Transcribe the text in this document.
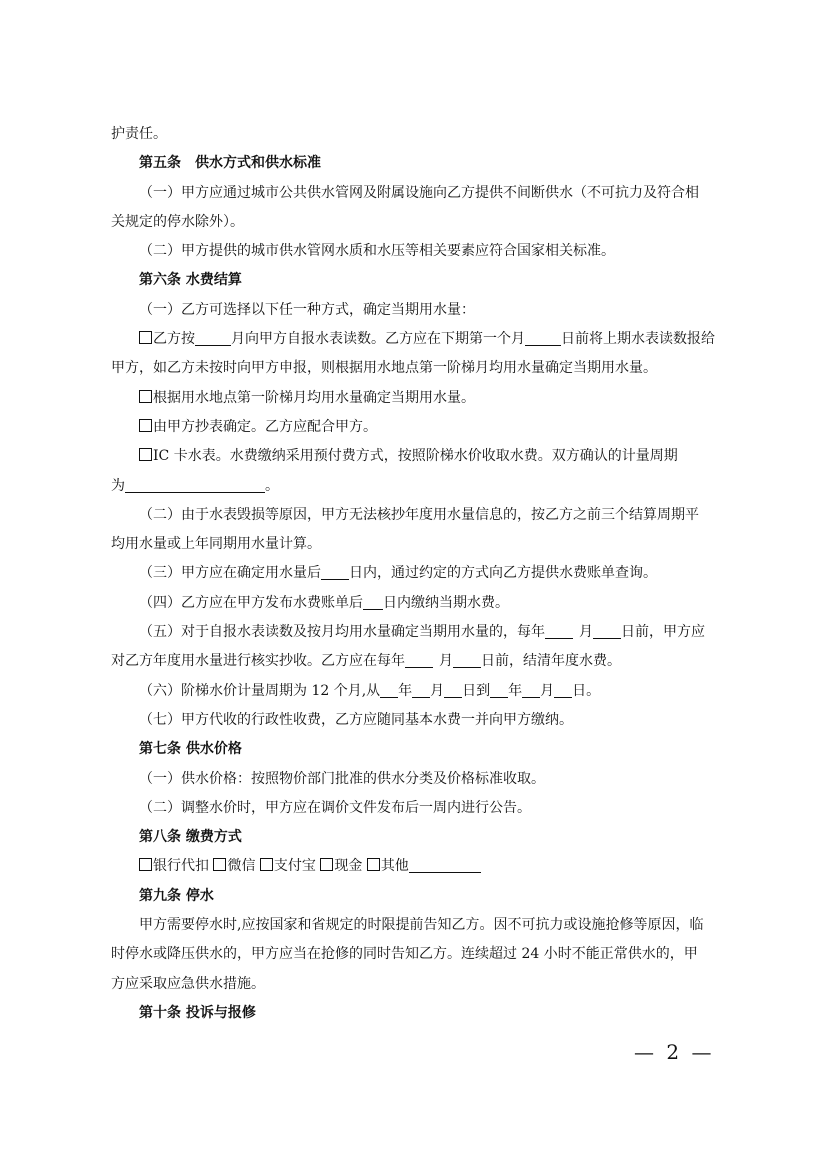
护责任。

第五条　供水方式和供水标准

（一）甲方应通过城市公共供水管网及附属设施向乙方提供不间断供水（不可抗力及符合相

关规定的停水除外）。

（二）甲方提供的城市供水管网水质和水压等相关要素应符合国家相关标准。

第六条 水费结算

（一）乙方可选择以下任一种方式，确定当期用水量：

乙方按	月向甲方自报水表读数。乙方应在下期第一个月	日前将上期水表读数报给

甲方，如乙方未按时向甲方申报，则根据用水地点第一阶梯月均用水量确定当期用水量。

根据用水地点第一阶梯月均用水量确定当期用水量。

由甲方抄表确定。乙方应配合甲方。

IC 卡水表。水费缴纳采用预付费方式，按照阶梯水价收取水费。双方确认的计量周期

为	。

（二）由于水表毁损等原因，甲方无法核抄年度用水量信息的，按乙方之前三个结算周期平

均用水量或上年同期用水量计算。

（三）甲方应在确定用水量后 日内，通过约定的方式向乙方提供水费账单查询。

（四）乙方应在甲方发布水费账单后 日内缴纳当期水费。

（五）对于自报水表读数及按月均用水量确定当期用水量的，每年 月 日前，甲方应

对乙方年度用水量进行核实抄收。乙方应在每年 月 日前，结清年度水费。

（六）阶梯水价计量周期为 12 个月,从 年 月 日到 年 月 日。

（七）甲方代收的行政性收费，乙方应随同基本水费一并向甲方缴纳。

第七条 供水价格

（一）供水价格：按照物价部门批准的供水分类及价格标准收取。

（二）调整水价时，甲方应在调价文件发布后一周内进行公告。

第八条 缴费方式

银行代扣 微信 支付宝 现金 其他

第九条 停水

甲方需要停水时,应按国家和省规定的时限提前告知乙方。因不可抗力或设施抢修等原因，临

时停水或降压供水的，甲方应当在抢修的同时告知乙方。连续超过 24 小时不能正常供水的，甲

方应采取应急供水措施。

第十条 投诉与报修

— 2 —
